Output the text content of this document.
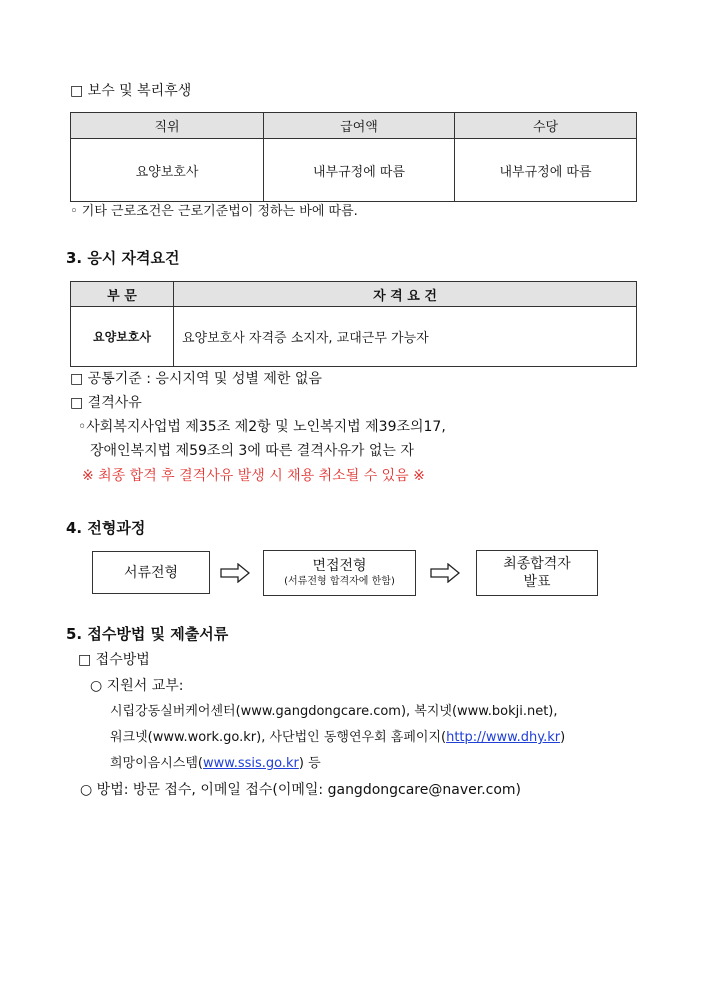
□ 보수 및 복리후생
직위	급여액	수당
요양보호사	내부규정에 따름	내부규정에 따름
◦ 기타 근로조건은 근로기준법이 정하는 바에 따름.
3. 응시 자격요건
부 문	자 격 요 건
요양보호사	요양보호사 자격증 소지자, 교대근무 가능자
□ 공통기준 : 응시지역 및 성별 제한 없음
□ 결격사유
◦사회복지사업법 제35조 제2항 및 노인복지법 제39조의17,
장애인복지법 제59조의 3에 따른 결격사유가 없는 자
※ 최종 합격 후 결격사유 발생 시 채용 취소될 수 있음 ※
4. 전형과정
서류전형	면접전형
(서류전형 합격자에 한함)
최종합격자
발표
5. 접수방법 및 제출서류
□ 접수방법
○ 지원서 교부:
시립강동실버케어센터(www.gangdongcare.com), 복지넷(www.bokji.net),
워크넷(www.work.go.kr), 사단법인 동행연우회 홈페이지(http://www.dhy.kr)
희망이음시스템(www.ssis.go.kr) 등
○ 방법: 방문 접수, 이메일 접수(이메일: gangdongcare@naver.com)
